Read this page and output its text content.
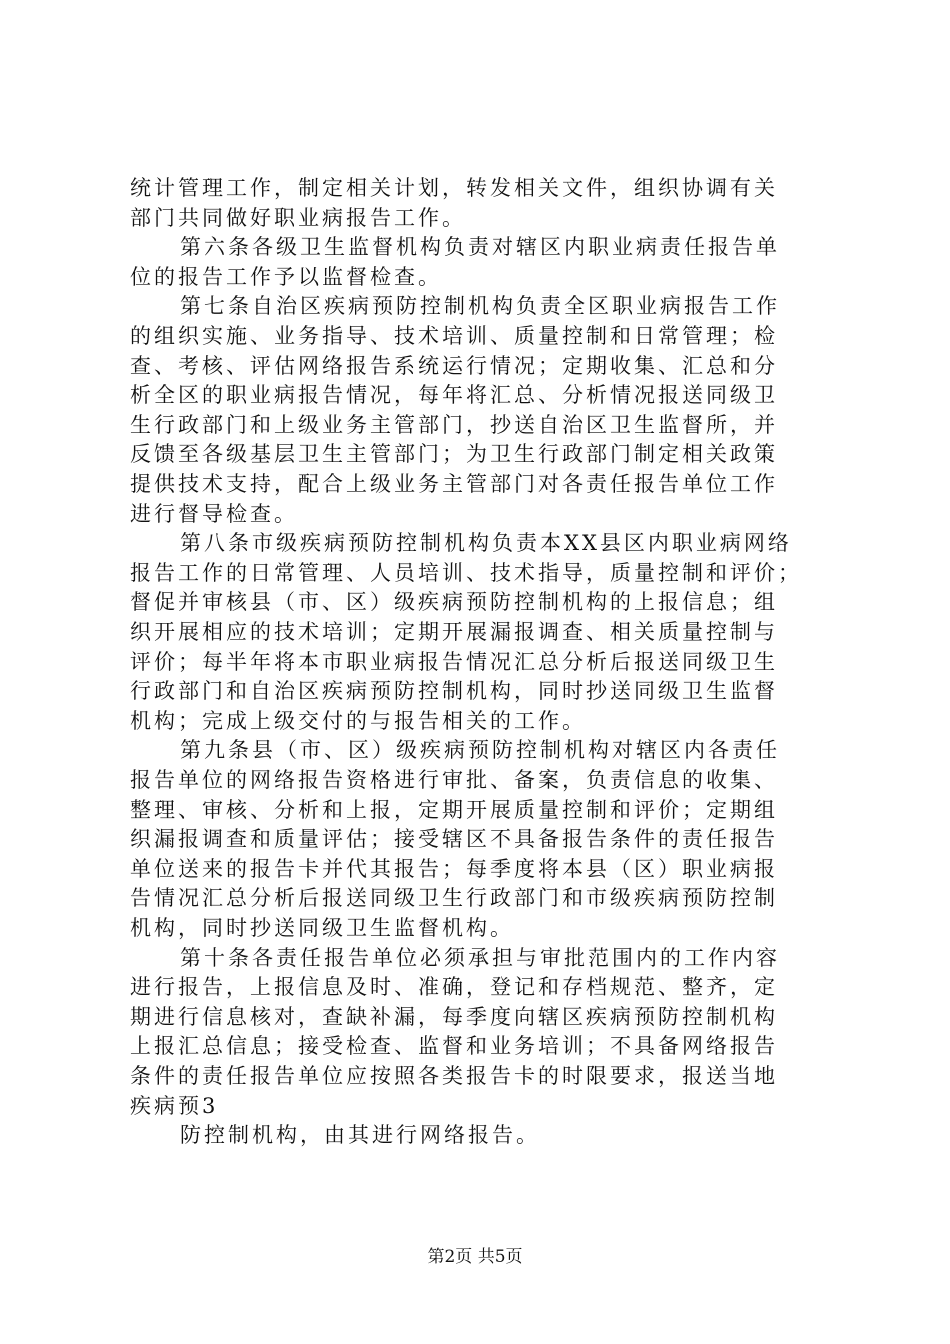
统计管理工作，制定相关计划，转发相关文件，组织协调有关
部门共同做好职业病报告工作。
第六条各级卫生监督机构负责对辖区内职业病责任报告单
位的报告工作予以监督检查。
第七条自治区疾病预防控制机构负责全区职业病报告工作
的组织实施、业务指导、技术培训、质量控制和日常管理；检
查、考核、评估网络报告系统运行情况；定期收集、汇总和分
析全区的职业病报告情况，每年将汇总、分析情况报送同级卫
生行政部门和上级业务主管部门，抄送自治区卫生监督所，并
反馈至各级基层卫生主管部门；为卫生行政部门制定相关政策
提供技术支持，配合上级业务主管部门对各责任报告单位工作
进行督导检查。
第八条市级疾病预防控制机构负责本XX县区内职业病网络
报告工作的日常管理、人员培训、技术指导，质量控制和评价；
督促并审核县（市、区）级疾病预防控制机构的上报信息；组
织开展相应的技术培训；定期开展漏报调查、相关质量控制与
评价；每半年将本市职业病报告情况汇总分析后报送同级卫生
行政部门和自治区疾病预防控制机构，同时抄送同级卫生监督
机构；完成上级交付的与报告相关的工作。
第九条县（市、区）级疾病预防控制机构对辖区内各责任
报告单位的网络报告资格进行审批、备案，负责信息的收集、
整理、审核、分析和上报，定期开展质量控制和评价；定期组
织漏报调查和质量评估；接受辖区不具备报告条件的责任报告
单位送来的报告卡并代其报告；每季度将本县（区）职业病报
告情况汇总分析后报送同级卫生行政部门和市级疾病预防控制
机构，同时抄送同级卫生监督机构。
第十条各责任报告单位必须承担与审批范围内的工作内容
进行报告，上报信息及时、准确，登记和存档规范、整齐，定
期进行信息核对，查缺补漏，每季度向辖区疾病预防控制机构
上报汇总信息；接受检查、监督和业务培训；不具备网络报告
条件的责任报告单位应按照各类报告卡的时限要求，报送当地
疾病预3
防控制机构，由其进行网络报告。
第2页 共5页
